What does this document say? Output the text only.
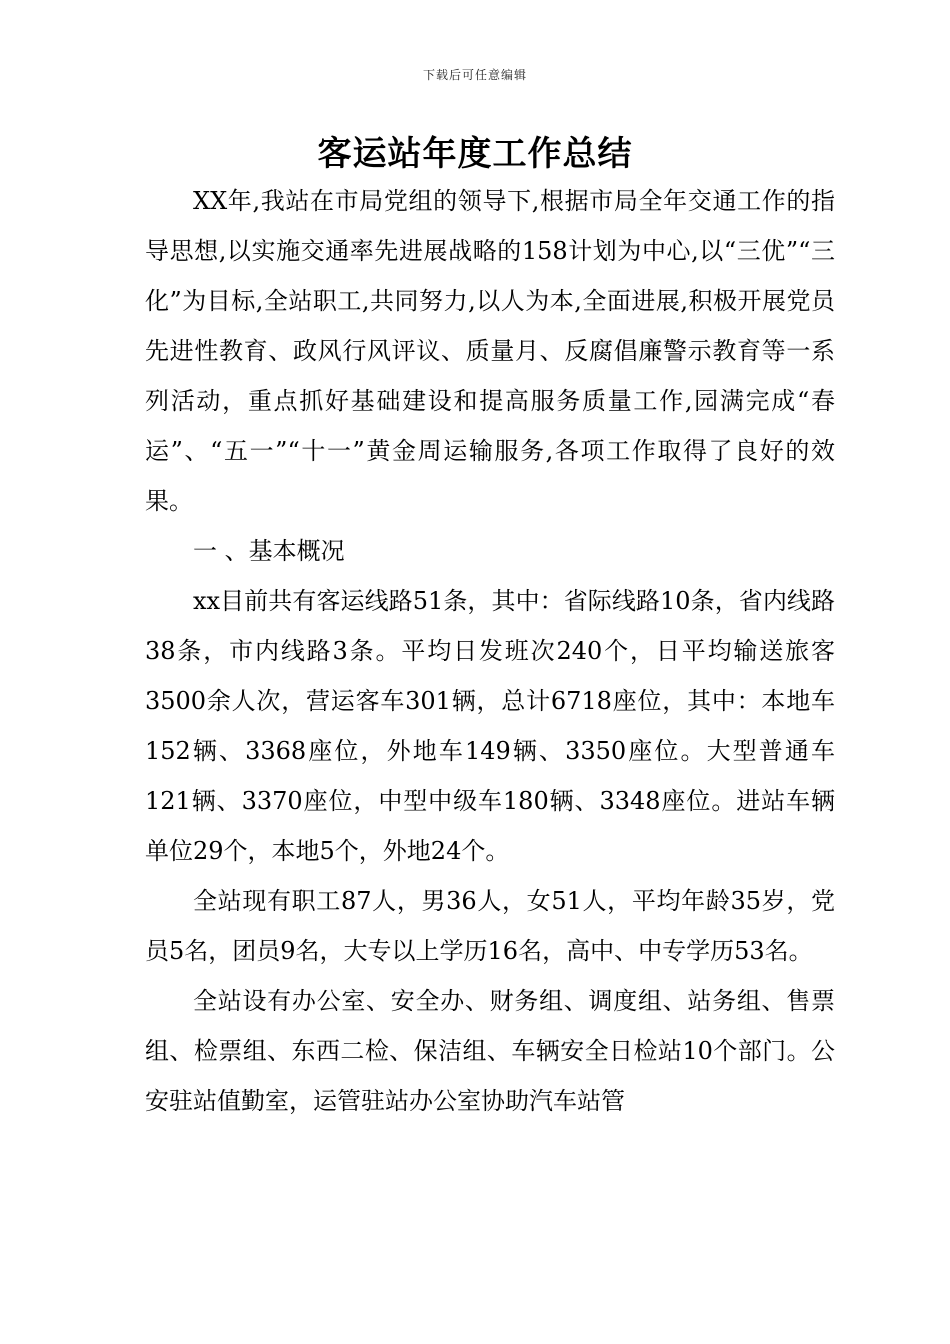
下载后可任意编辑
客运站年度工作总结

XX年,我站在市局党组的领导下,根据市局全年交通工作的指导思想,以实施交通率先进展战略的158计划为中心,以“三优”“三化”为目标,全站职工,共同努力,以人为本,全面进展,积极开展党员先进性教育、政风行风评议、质量月、反腐倡廉警示教育等一系列活动，重点抓好基础建设和提高服务质量工作,园满完成“春运”、“五一”“十一”黄金周运输服务,各项工作取得了良好的效果。

一 、基本概况

xx目前共有客运线路51条，其中：省际线路10条，省内线路38条，市内线路3条。平均日发班次240个，日平均输送旅客3500余人次，营运客车301辆，总计6718座位，其中：本地车152辆、3368座位，外地车149辆、3350座位。大型普通车121辆、3370座位，中型中级车180辆、3348座位。进站车辆单位29个，本地5个，外地24个。

全站现有职工87人，男36人，女51人，平均年龄35岁，党员5名，团员9名，大专以上学历16名，高中、中专学历53名。

全站设有办公室、安全办、财务组、调度组、站务组、售票组、检票组、东西二检、保洁组、车辆安全日检站10个部门。公安驻站值勤室，运管驻站办公室协助汽车站管
